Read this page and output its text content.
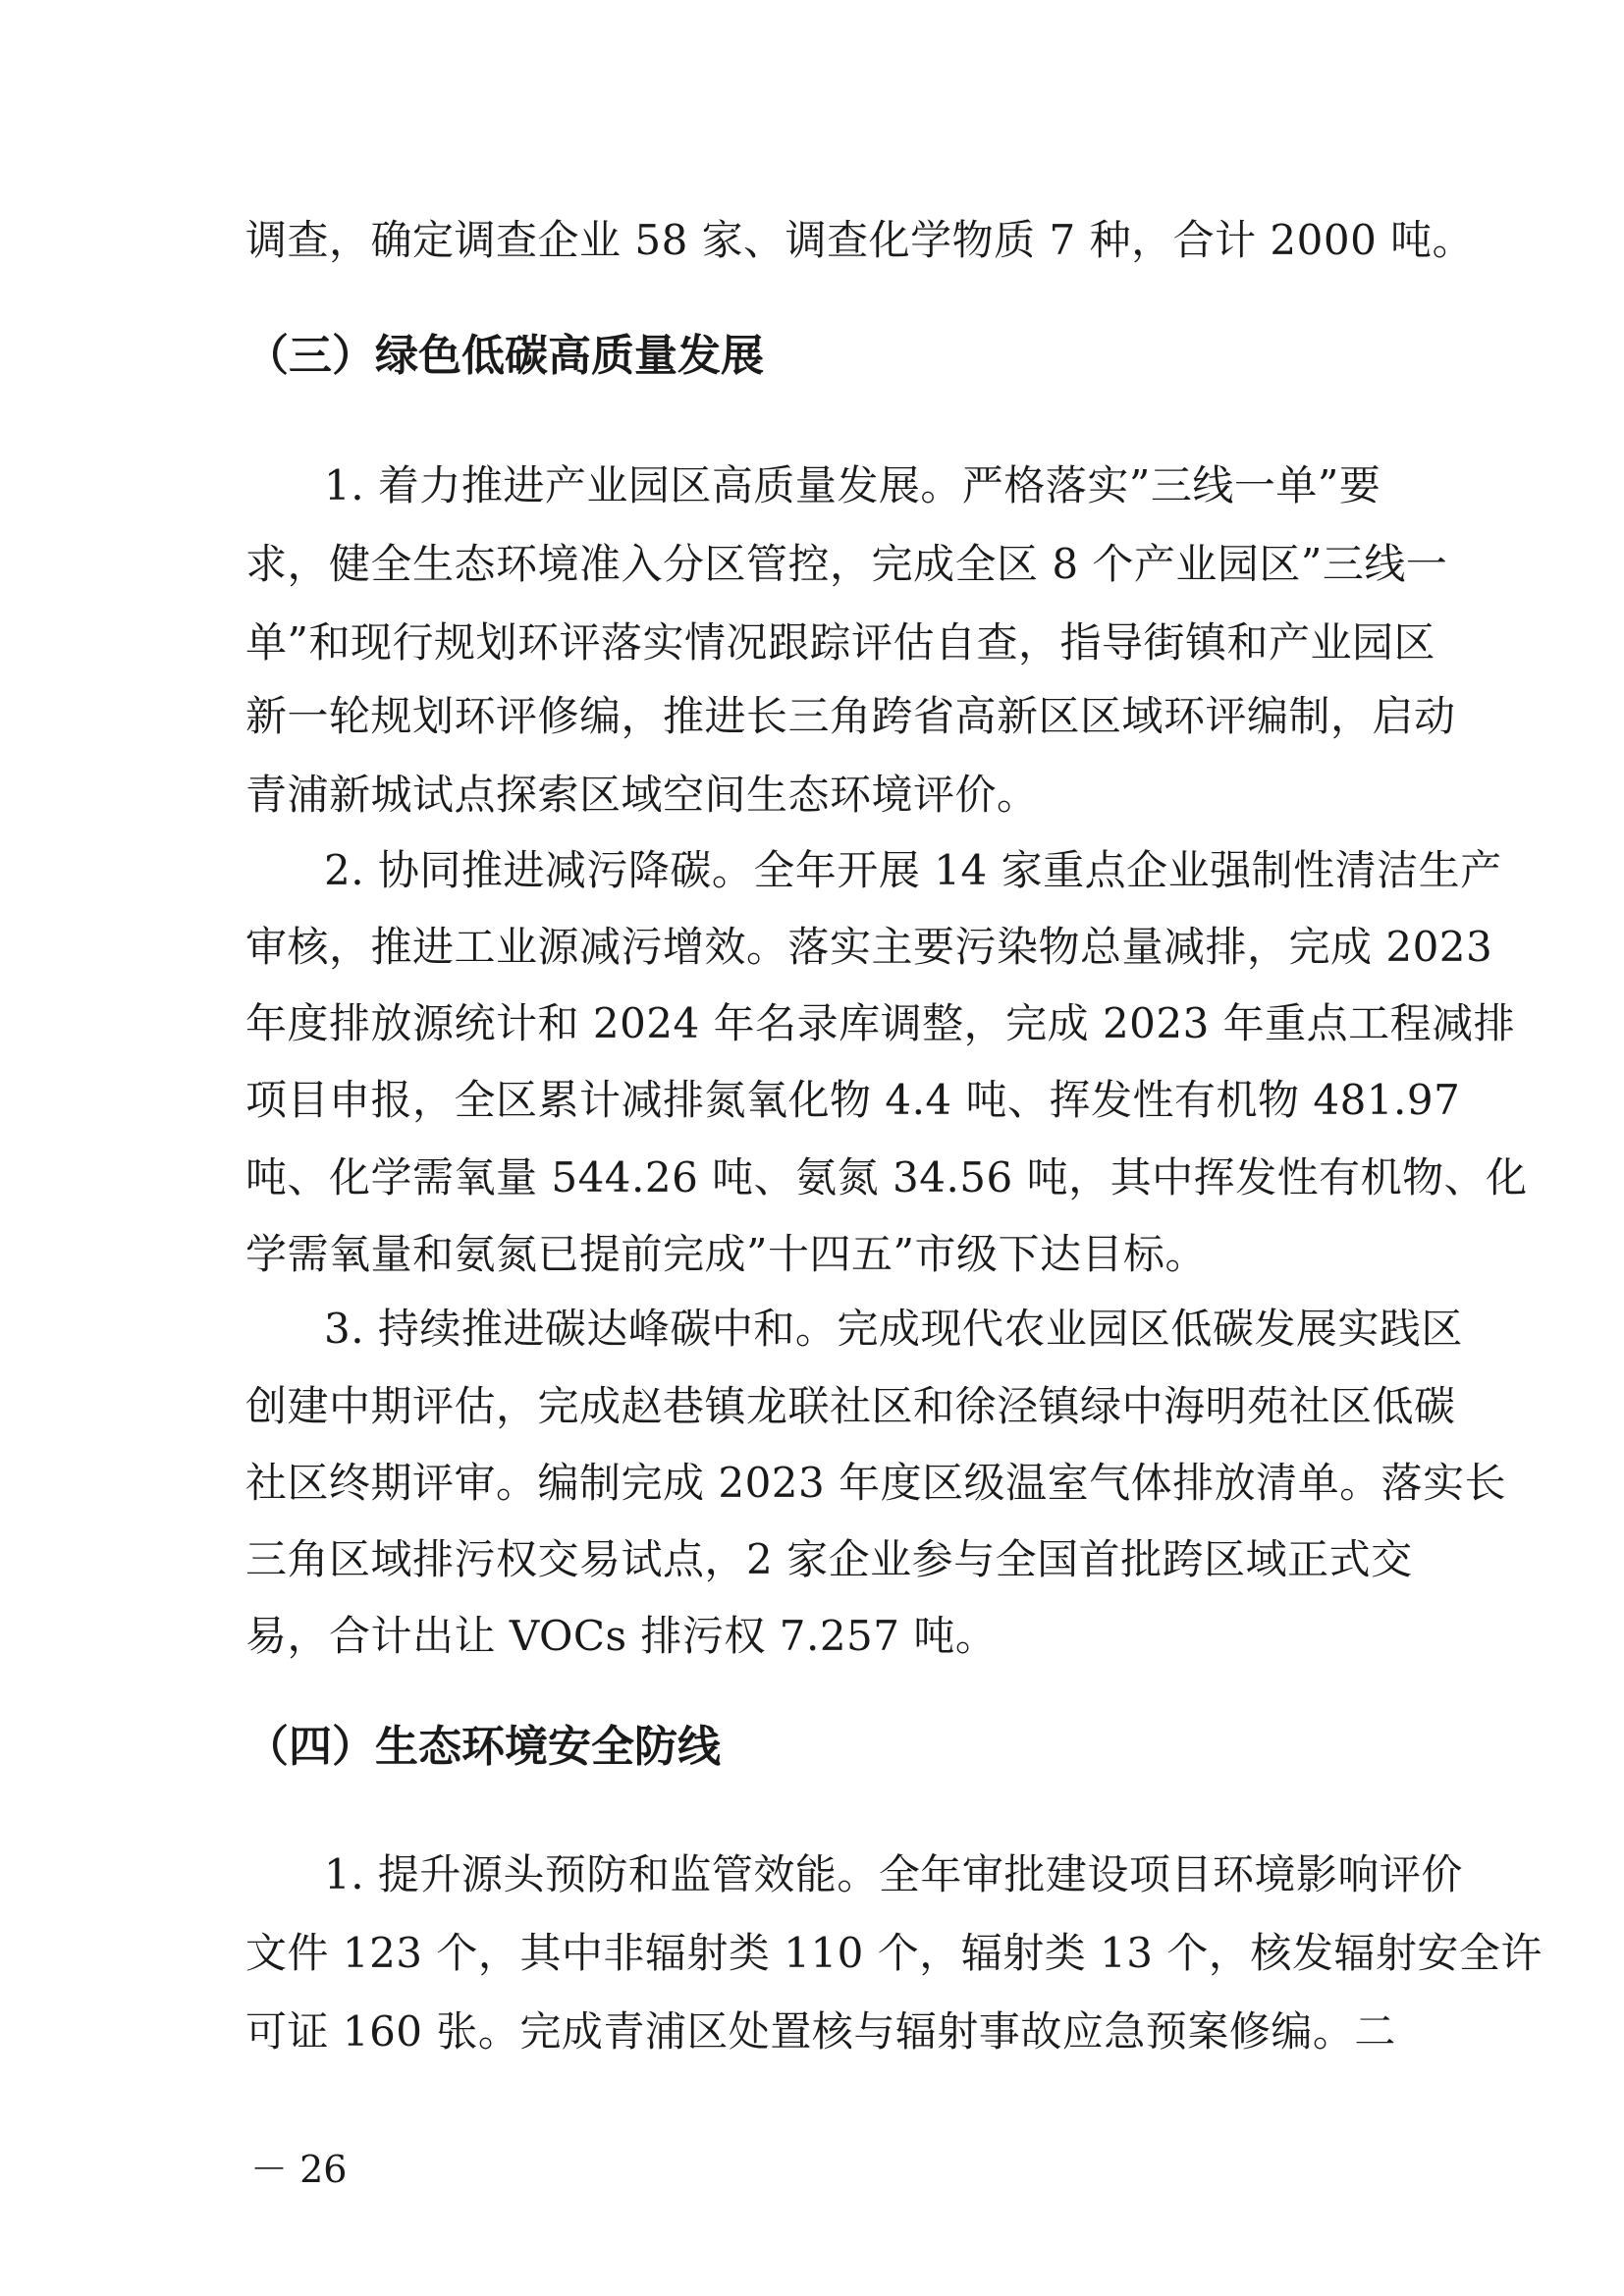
调查，确定调查企业 58 家、调查化学物质 7 种，合计 2000 吨。
（三）绿色低碳高质量发展
1. 着力推进产业园区高质量发展。严格落实”三线一单”要
求，健全生态环境准入分区管控，完成全区 8 个产业园区”三线一
单”和现行规划环评落实情况跟踪评估自查，指导街镇和产业园区
新一轮规划环评修编，推进长三角跨省高新区区域环评编制，启动
青浦新城试点探索区域空间生态环境评价。
2. 协同推进减污降碳。全年开展 14 家重点企业强制性清洁生产
审核，推进工业源减污增效。落实主要污染物总量减排，完成 2023
年度排放源统计和 2024 年名录库调整，完成 2023 年重点工程减排
项目申报，全区累计减排氮氧化物 4.4 吨、挥发性有机物 481.97
吨、化学需氧量 544.26 吨、氨氮 34.56 吨，其中挥发性有机物、化
学需氧量和氨氮已提前完成”十四五”市级下达目标。
3. 持续推进碳达峰碳中和。完成现代农业园区低碳发展实践区
创建中期评估，完成赵巷镇龙联社区和徐泾镇绿中海明苑社区低碳
社区终期评审。编制完成 2023 年度区级温室气体排放清单。落实长
三角区域排污权交易试点，2 家企业参与全国首批跨区域正式交
易，合计出让 VOCs 排污权 7.257 吨。
（四）生态环境安全防线
1. 提升源头预防和监管效能。全年审批建设项目环境影响评价
文件 123 个，其中非辐射类 110 个，辐射类 13 个，核发辐射安全许
可证 160 张。完成青浦区处置核与辐射事故应急预案修编。二
－ 26
